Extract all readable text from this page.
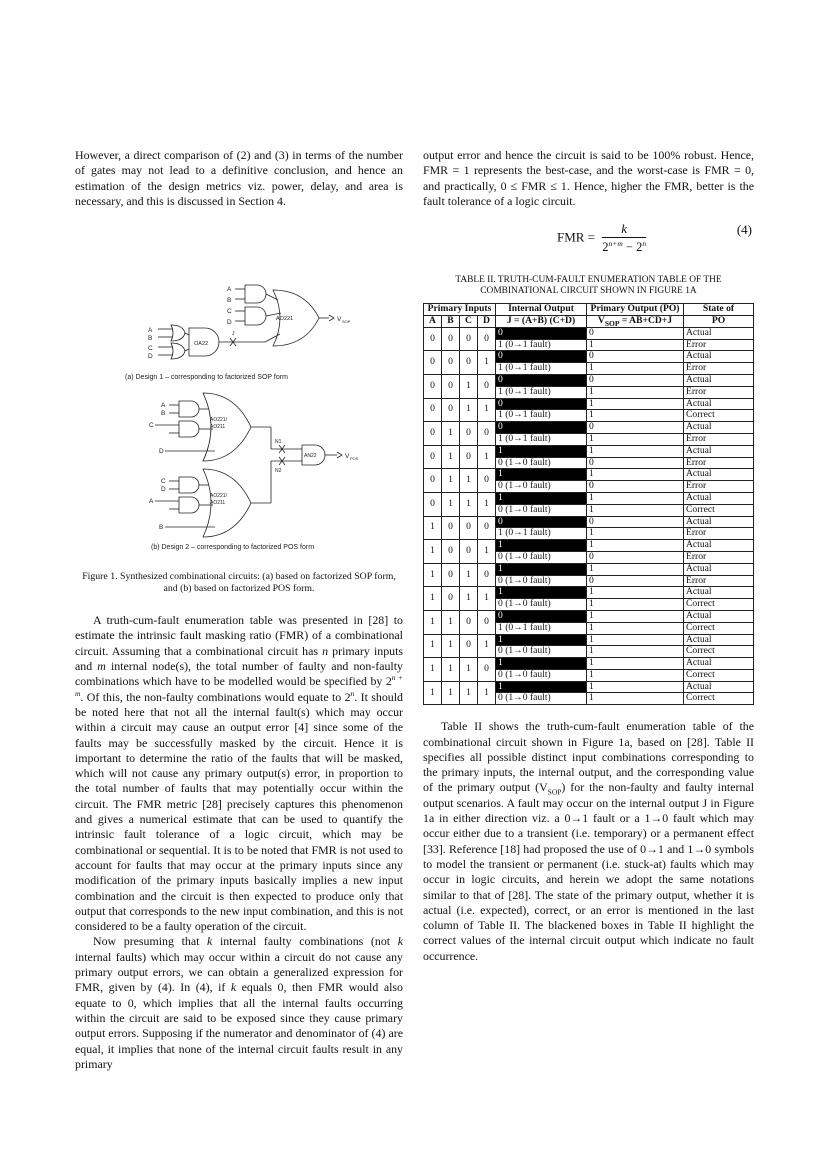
However, a direct comparison of (2) and (3) in terms of the number of gates may not lead to a definitive conclusion, and hence an estimation of the design metrics viz. power, delay, and area is necessary, and this is discussed in Section 4.

A
B
C
D	AO221	V SOP
A
B
C
D
OA22
J
(a) Design 1 – corresponding to factorized SOP form
A
B
C
D
AO221/
AO211
C
D
A
B
AO221/
AO211
N1
N2
AN22	V POS
(b) Design 2 – corresponding to factorized POS form

Figure 1. Synthesized combinational circuits: (a) based on factorized SOP form, and (b) based on factorized POS form.

A truth-cum-fault enumeration table was presented in [28] to estimate the intrinsic fault masking ratio (FMR) of a combinational circuit. Assuming that a combinational circuit has n primary inputs and m internal node(s), the total number of faulty and non-faulty combinations which have to be modelled would be specified by $2^{n + m}$. Of this, the non-faulty combinations would equate to 2$^n$. It should be noted here that not all the internal fault(s) which may occur within a circuit may cause an output error [4] since some of the faults may be successfully masked by the circuit. Hence it is important to determine the ratio of the faults that will be masked, which will not cause any primary output(s) error, in proportion to the total number of faults that may potentially occur within the circuit. The FMR metric [28] precisely captures this phenomenon and gives a numerical estimate that can be used to quantify the intrinsic fault tolerance of a logic circuit, which may be combinational or sequential. It is to be noted that FMR is not used to account for faults that may occur at the primary inputs since any modification of the primary inputs basically implies a new input combination and the circuit is then expected to produce only that output that corresponds to the new input combination, and this is not considered to be a faulty operation of the circuit.

Now presuming that k internal faulty combinations (not k internal faults) which may occur within a circuit do not cause any primary output errors, we can obtain a generalized expression for FMR, given by (4). In (4), if k equals 0, then FMR would also equate to 0, which implies that all the internal faults occurring within the circuit are said to be exposed since they cause primary output errors. Supposing if the numerator and denominator of (4) are equal, it implies that none of the internal circuit faults result in any primary

output error and hence the circuit is said to be 100% robust. Hence, FMR = 1 represents the best-case, and the worst-case is FMR = 0, and practically, 0 ≤ FMR ≤ 1. Hence, higher the FMR, better is the fault tolerance of a logic circuit.

FMR = $\frac{k}{2^{n+m} - 2^n}$	(4)

TABLE II. TRUTH-CUM-FAULT ENUMERATION TABLE OF THE
COMBINATIONAL CIRCUIT SHOWN IN FIGURE 1A

Primary Inputs				Internal Output	Primary Output (PO)	State of
A	B	C	D	J = (A+B) (C+D)	$V_{SOP} = AB+CD+J$	PO
0	0	0	0	0	0	Actual
				1 (0→1 fault)	1	Error
0	0	0	1	0	0	Actual
				1 (0→1 fault)	1	Error
0	0	1	0	0	0	Actual
				1 (0→1 fault)	1	Error
0	0	1	1	0	1	Actual
				1 (0→1 fault)	1	Correct
0	1	0	0	0	0	Actual
				1 (0→1 fault)	1	Error
0	1	0	1	1	1	Actual
				0 (1→0 fault)	0	Error
0	1	1	0	1	1	Actual
				0 (1→0 fault)	0	Error
0	1	1	1	1	1	Actual
				0 (1→0 fault)	1	Correct
1	0	0	0	0	0	Actual
				1 (0→1 fault)	1	Error
1	0	0	1	1	1	Actual
				0 (1→0 fault)	0	Error
1	0	1	0	1	1	Actual
				0 (1→0 fault)	0	Error
1	0	1	1	1	1	Actual
				0 (1→0 fault)	1	Correct
1	1	0	0	0	1	Actual
				1 (0→1 fault)	1	Correct
1	1	0	1	1	1	Actual
				0 (1→0 fault)	1	Correct
1	1	1	0	1	1	Actual
				0 (1→0 fault)	1	Correct
1	1	1	1	1	1	Actual
				0 (1→0 fault)	1	Correct

Table II shows the truth-cum-fault enumeration table of the combinational circuit shown in Figure 1a, based on [28]. Table II specifies all possible distinct input combinations corresponding to the primary inputs, the internal output, and the corresponding value of the primary output $(V_{SOP})$ for the non-faulty and faulty internal output scenarios. A fault may occur on the internal output J in Figure 1a in either direction viz. a 0→1 fault or a 1→0 fault which may occur either due to a transient (i.e. temporary) or a permanent effect [33]. Reference [18] had proposed the use of 0→1 and 1→0 symbols to model the transient or permanent (i.e. stuck-at) faults which may occur in logic circuits, and herein we adopt the same notations similar to that of [28]. The state of the primary output, whether it is actual (i.e. expected), correct, or an error is mentioned in the last column of Table II. The blackened boxes in Table II highlight the correct values of the internal circuit output which indicate no fault occurrence.
